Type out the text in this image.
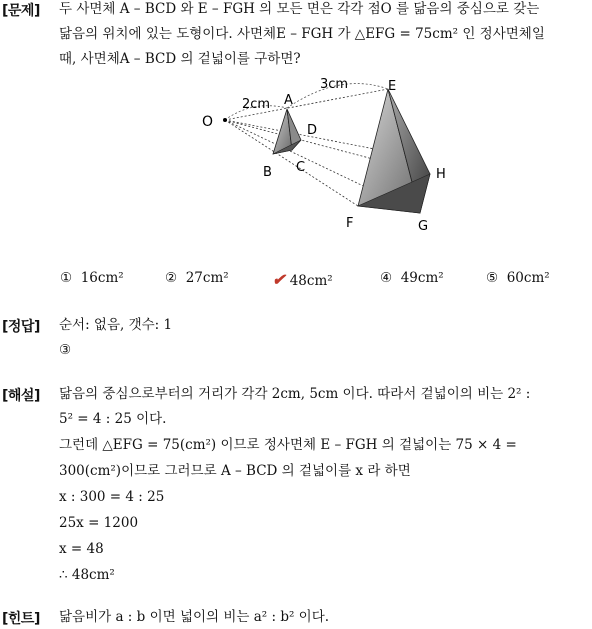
[문제] 두 사면체 A – BCD 와 E – FGH 의 모든 면은 각각 점O 를 닮음의 중심으로 갖는
닮음의 위치에 있는 도형이다. 사면체E – FGH 가 △EFG = 75cm² 인 정사면체일
때, 사면체A – BCD 의 겉넓이를 구하면?
O
A
B C
D
E
F	G
H
2cm
3cm
① 16cm²	② 27cm²	✔ 48cm²	④ 49cm²	⑤ 60cm²
[정답] 순서: 없음, 갯수: 1
③
[해설] 닮음의 중심으로부터의 거리가 각각 2cm, 5cm 이다. 따라서 겉넓이의 비는 2² :
5² = 4 : 25 이다.
그런데 △EFG = 75(cm²) 이므로 정사면체 E – FGH 의 겉넓이는 75 × 4 =
300(cm²)이므로 그러므로 A – BCD 의 겉넓이를 x 라 하면
x : 300 = 4 : 25
25x = 1200
x = 48
∴ 48cm²
[힌트] 닮음비가 a : b 이면 넓이의 비는 a² : b² 이다.
